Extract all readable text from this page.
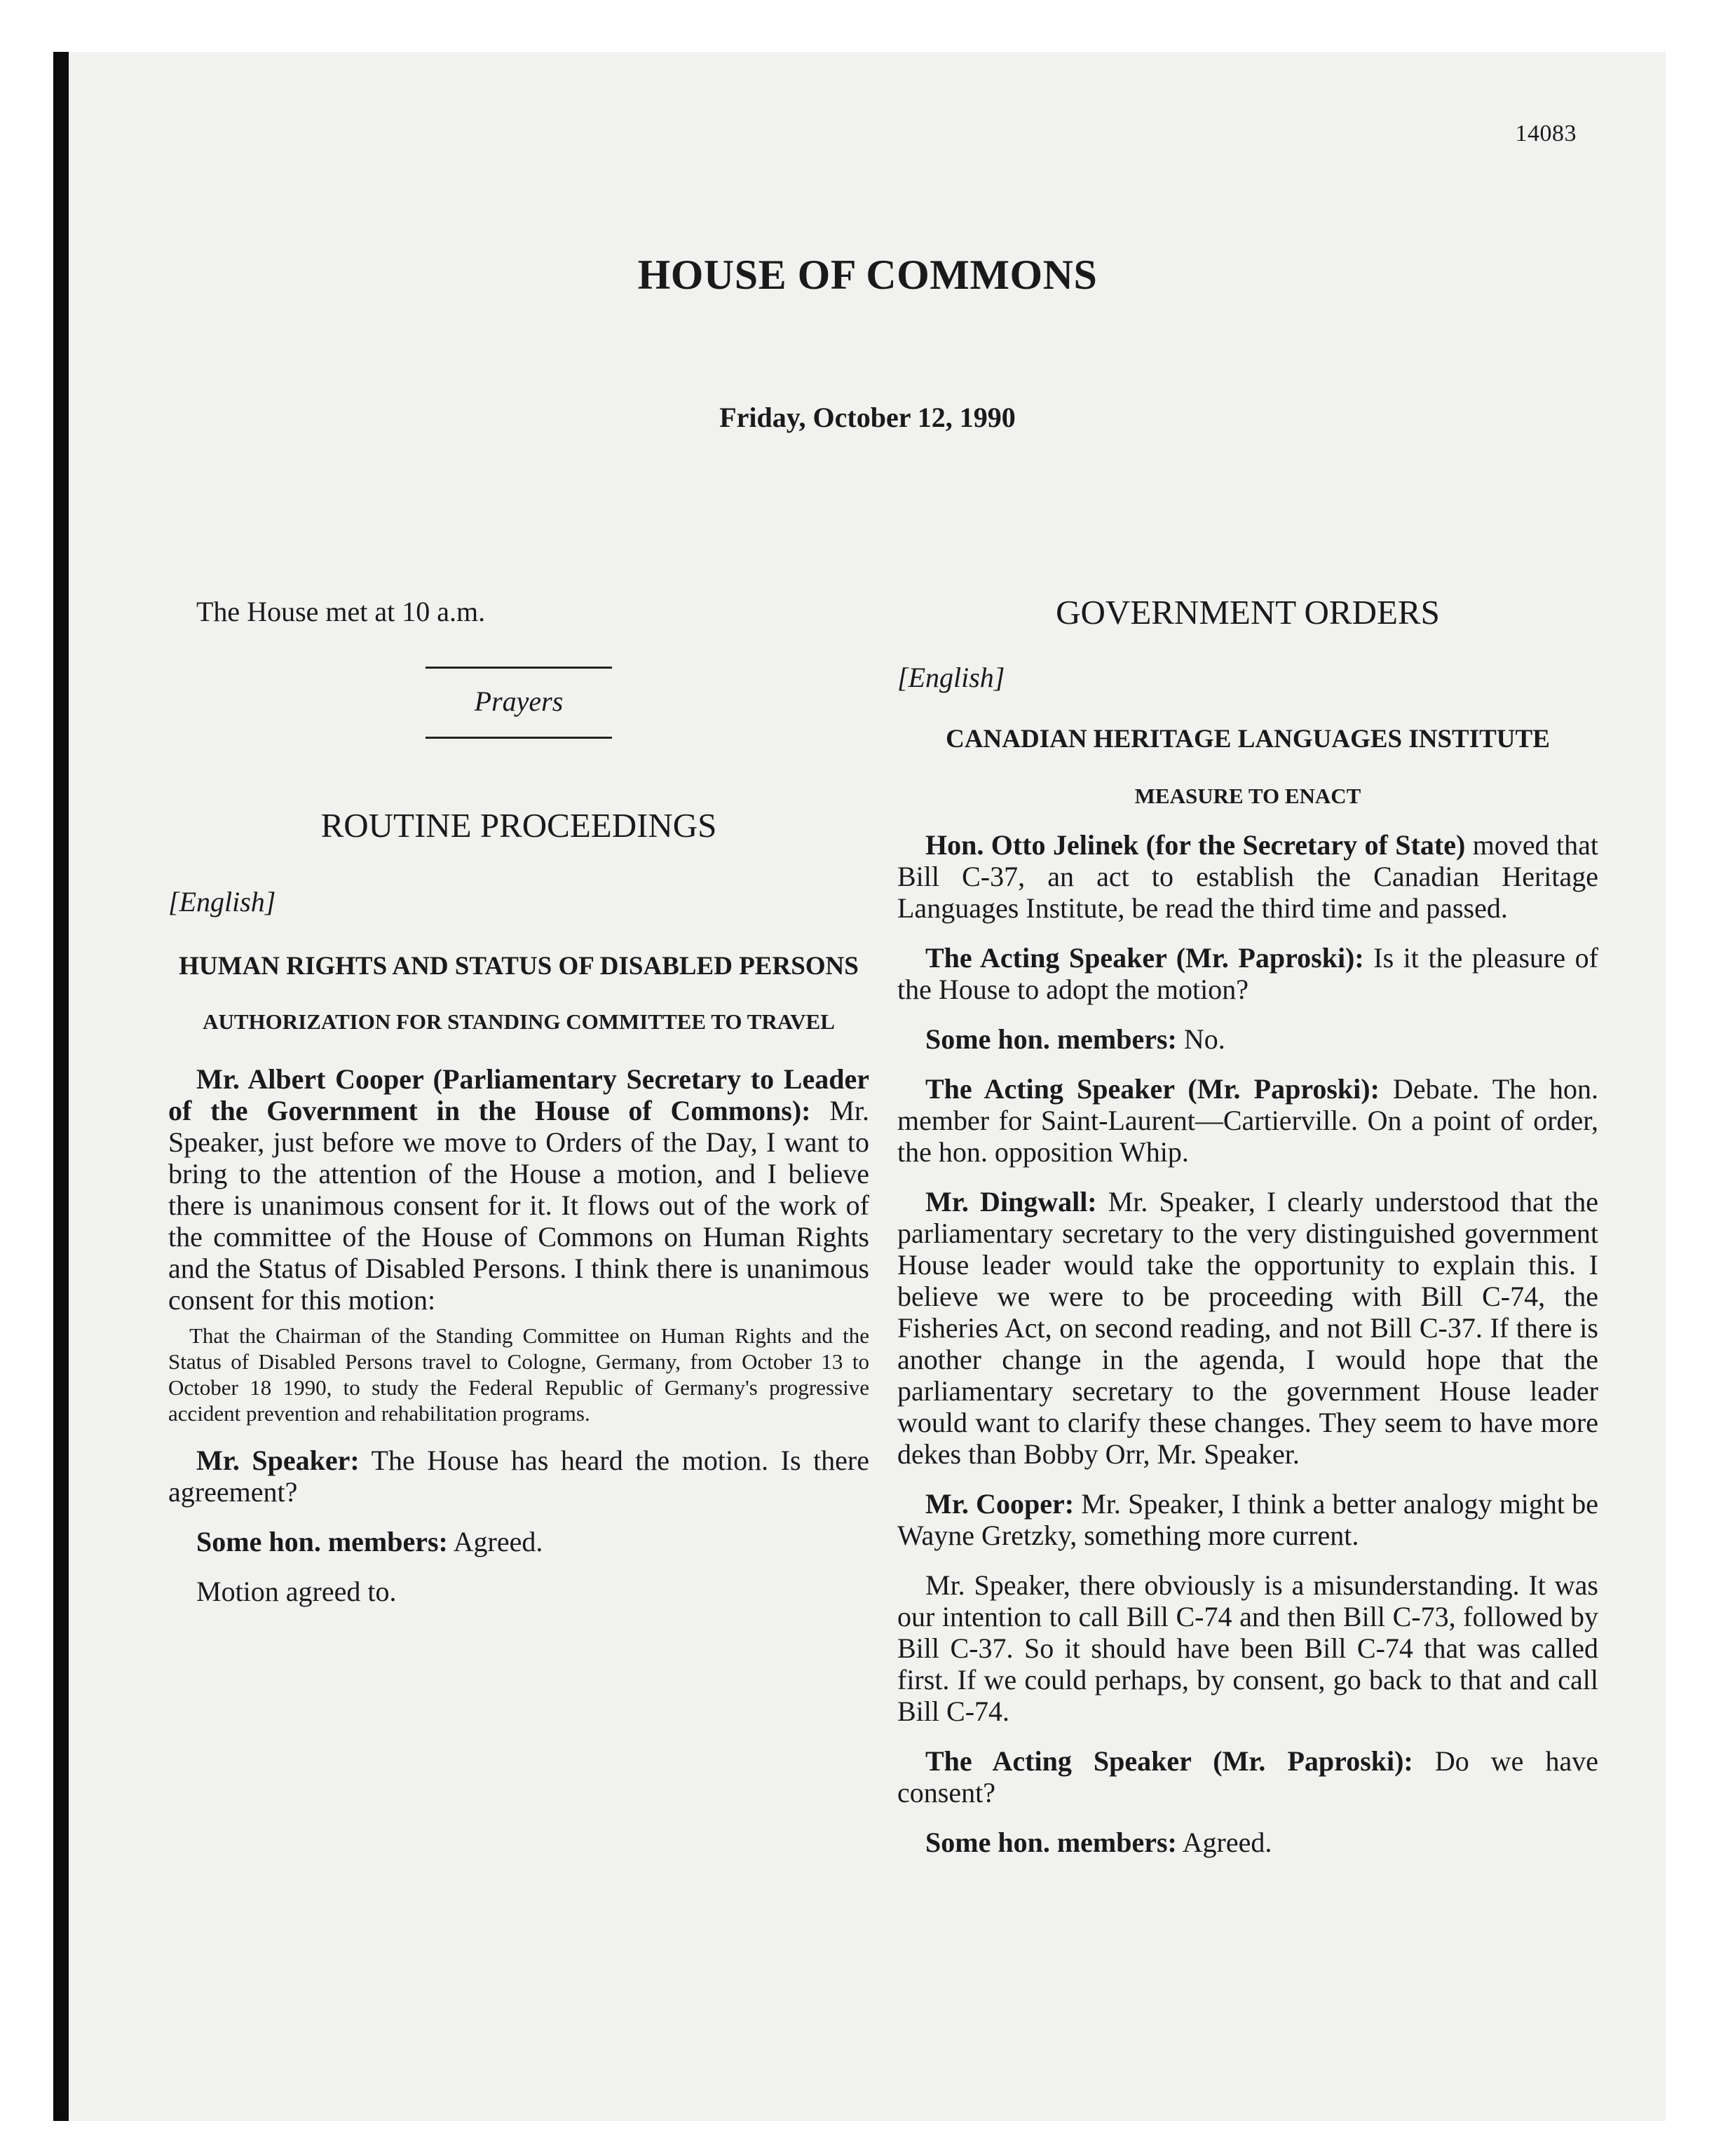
14083
HOUSE OF COMMONS
Friday, October 12, 1990

The House met at 10 a.m.

Prayers

ROUTINE PROCEEDINGS

[English]

HUMAN RIGHTS AND STATUS OF DISABLED PERSONS
AUTHORIZATION FOR STANDING COMMITTEE TO TRAVEL

Mr. Albert Cooper (Parliamentary Secretary to Leader of the Government in the House of Commons): Mr. Speaker, just before we move to Orders of the Day, I want to bring to the attention of the House a motion, and I believe there is unanimous consent for it. It flows out of the work of the committee of the House of Commons on Human Rights and the Status of Disabled Persons. I think there is unanimous consent for this motion:

That the Chairman of the Standing Committee on Human Rights and the Status of Disabled Persons travel to Cologne, Germany, from October 13 to October 18 1990, to study the Federal Republic of Germany's progressive accident prevention and rehabilitation programs.

Mr. Speaker: The House has heard the motion. Is there agreement?

Some hon. members: Agreed.

Motion agreed to.

GOVERNMENT ORDERS

[English]

CANADIAN HERITAGE LANGUAGES INSTITUTE
MEASURE TO ENACT

Hon. Otto Jelinek (for the Secretary of State) moved that Bill C-37, an act to establish the Canadian Heritage Languages Institute, be read the third time and passed.

The Acting Speaker (Mr. Paproski): Is it the pleasure of the House to adopt the motion?

Some hon. members: No.

The Acting Speaker (Mr. Paproski): Debate. The hon. member for Saint-Laurent—Cartierville. On a point of order, the hon. opposition Whip.

Mr. Dingwall: Mr. Speaker, I clearly understood that the parliamentary secretary to the very distinguished government House leader would take the opportunity to explain this. I believe we were to be proceeding with Bill C-74, the Fisheries Act, on second reading, and not Bill C-37. If there is another change in the agenda, I would hope that the parliamentary secretary to the government House leader would want to clarify these changes. They seem to have more dekes than Bobby Orr, Mr. Speaker.

Mr. Cooper: Mr. Speaker, I think a better analogy might be Wayne Gretzky, something more current.

Mr. Speaker, there obviously is a misunderstanding. It was our intention to call Bill C-74 and then Bill C-73, followed by Bill C-37. So it should have been Bill C-74 that was called first. If we could perhaps, by consent, go back to that and call Bill C-74.

The Acting Speaker (Mr. Paproski): Do we have consent?

Some hon. members: Agreed.
